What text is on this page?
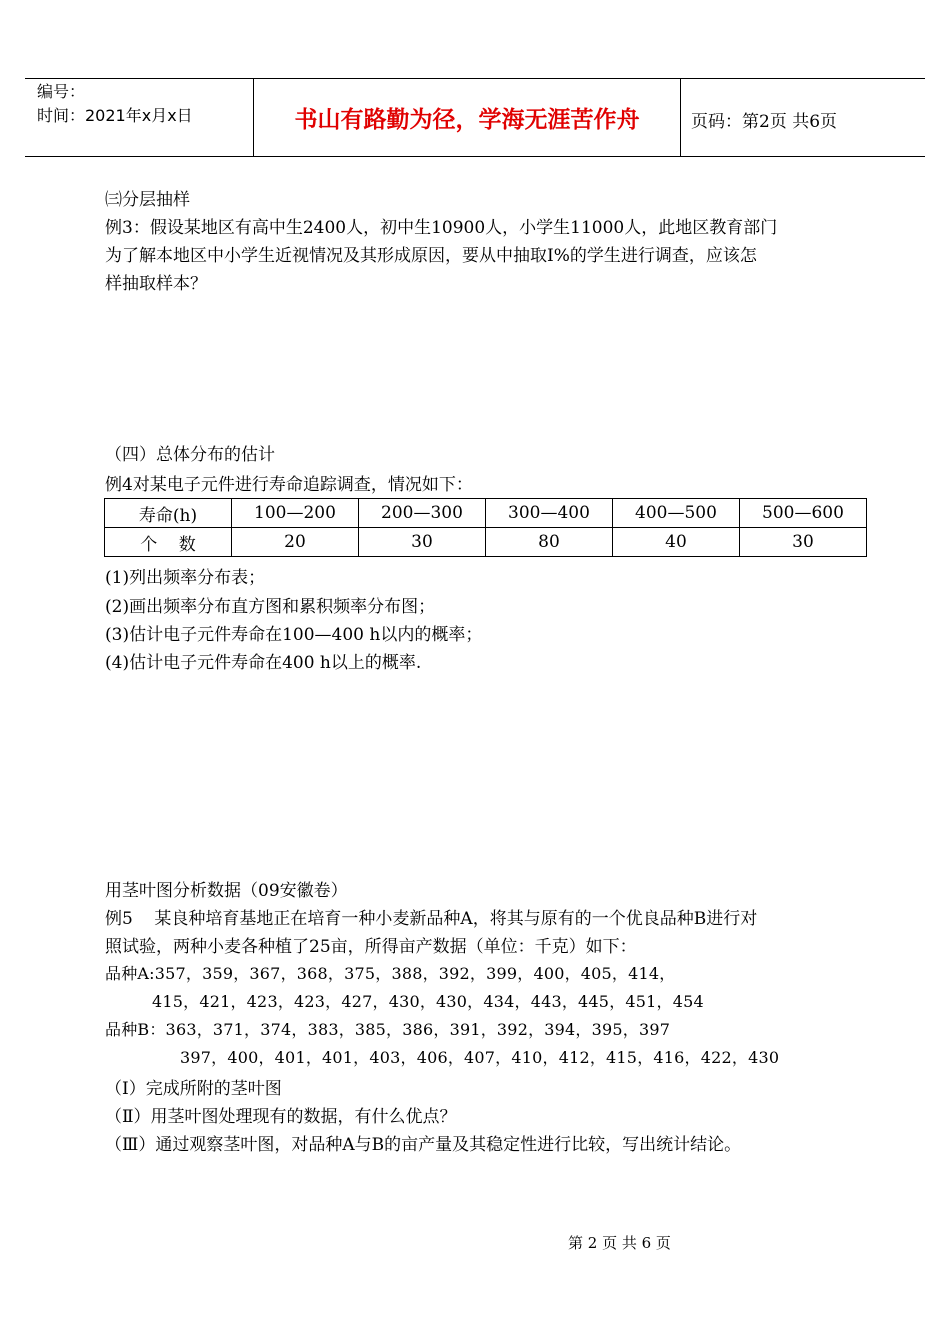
编号：
时间：2021年x月x日	书山有路勤为径，学海无涯苦作舟	页码：第2页 共6页
㈢分层抽样
例3：假设某地区有高中生2400人，初中生10900人，小学生11000人，此地区教育部门
为了解本地区中小学生近视情况及其形成原因，要从中抽取I%的学生进行调查，应该怎
样抽取样本？
（四）总体分布的估计
例4对某电子元件进行寿命追踪调查，情况如下：
寿命(h)	100—200	200—300	300—400	400—500	500—600
个    数	20	30	80	40	30
(1)列出频率分布表；
(2)画出频率分布直方图和累积频率分布图；
(3)估计电子元件寿命在100—400 h以内的概率；
(4)估计电子元件寿命在400 h以上的概率.
用茎叶图分析数据（09安徽卷）
例5    某良种培育基地正在培育一种小麦新品种A，将其与原有的一个优良品种B进行对
照试验，两种小麦各种植了25亩，所得亩产数据（单位：千克）如下：
品种A:357，359，367，368，375，388，392，399，400，405，414，
415，421，423，423，427，430，430，434，443，445，451，454
品种B：363，371，374，383，385，386，391，392，394，395，397
397，400，401，401，403，406，407，410，412，415，416，422，430
（Ⅰ）完成所附的茎叶图
（Ⅱ）用茎叶图处理现有的数据，有什么优点？
（Ⅲ）通过观察茎叶图，对品种A与B的亩产量及其稳定性进行比较，写出统计结论。
第 2 页 共 6 页
